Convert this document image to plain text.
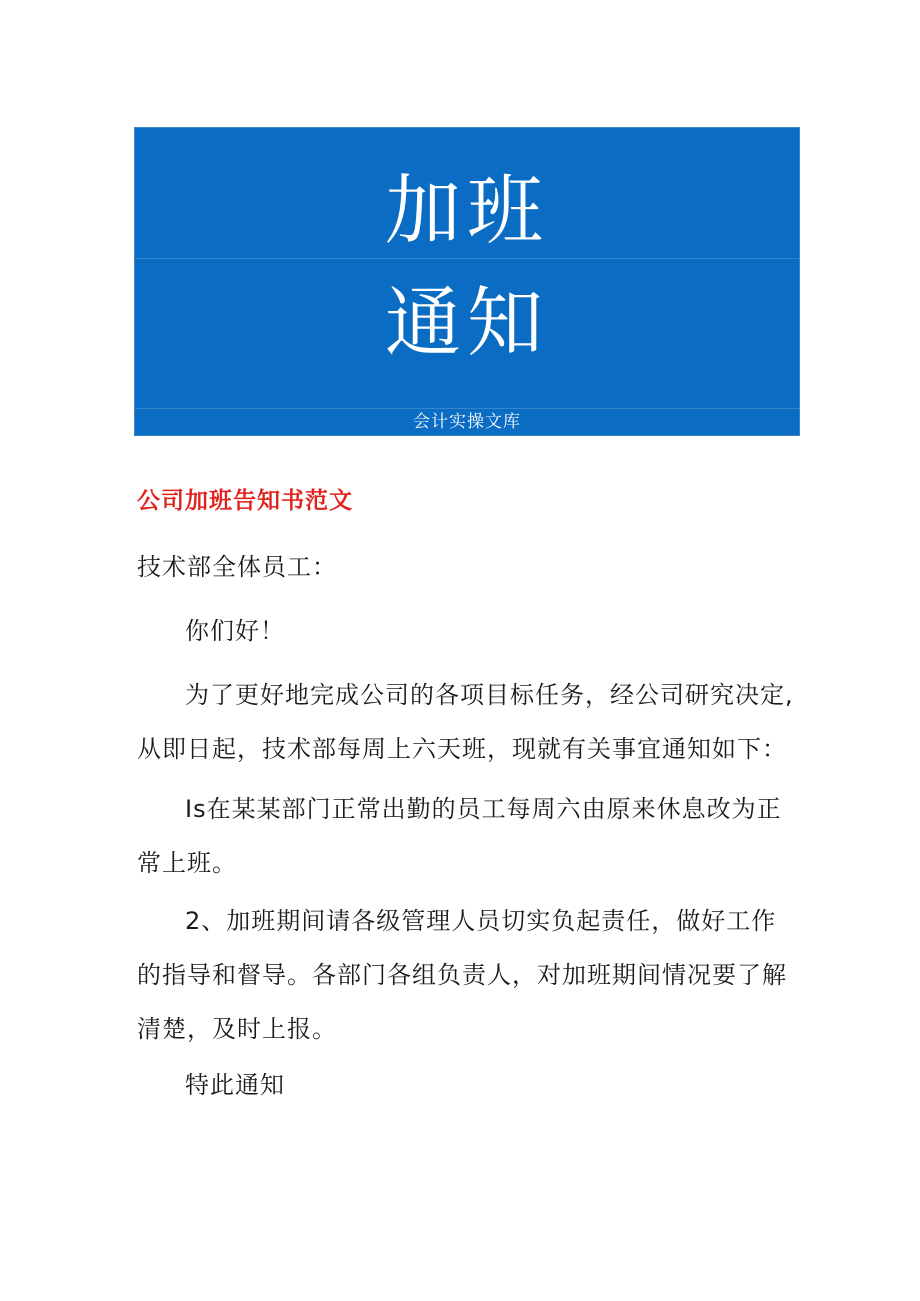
加班
通知
会计实操文库
公司加班告知书范文

技术部全体员工：

你们好！

为了更好地完成公司的各项目标任务，经公司研究决定,从即日起，技术部每周上六天班，现就有关事宜通知如下：

Is在某某部门正常出勤的员工每周六由原来休息改为正常上班。

2、加班期间请各级管理人员切实负起责任，做好工作的指导和督导。各部门各组负责人，对加班期间情况要了解清楚，及时上报。

特此通知
